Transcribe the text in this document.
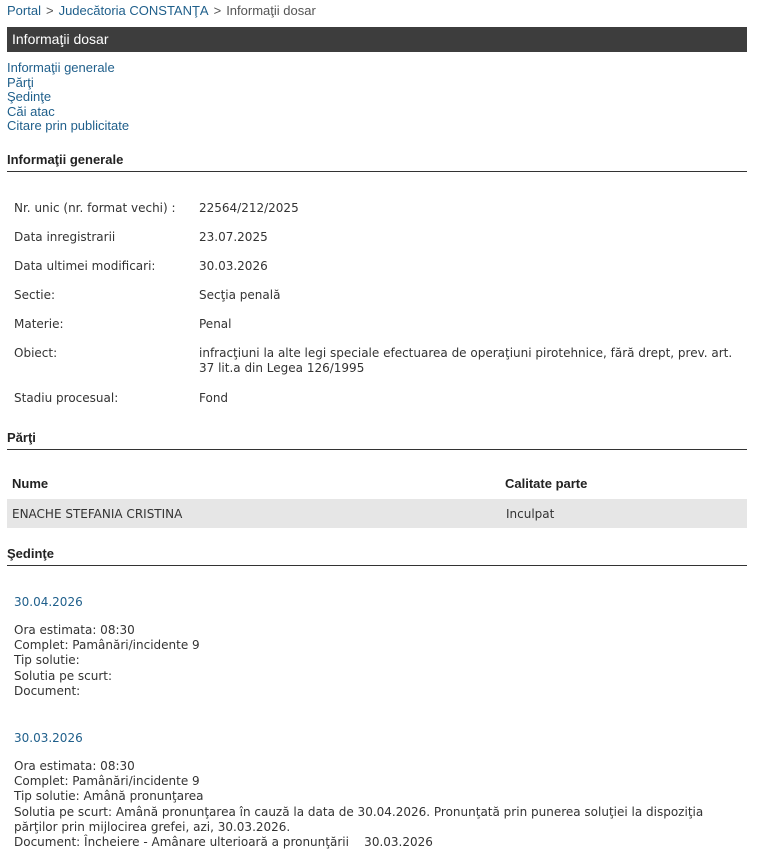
Portal > Judecătoria CONSTANŢA > Informaţii dosar
Informaţii dosar
Informaţii generale
Părţi
Şedinţe
Căi atac
Citare prin publicitate
Informaţii generale
Nr. unic (nr. format vechi) : 22564/212/2025
Data inregistrarii	23.07.2025
Data ultimei modificari:	30.03.2026
Sectie:	Secţia penală
Materie:	Penal
Obiect:	infracţiuni la alte legi speciale efectuarea de operaţiuni pirotehnice, fără drept, prev. art. 37 lit.a din Legea 126/1995
Stadiu procesual:	Fond
Părţi
Nume	Calitate parte
ENACHE STEFANIA CRISTINA	Inculpat
Şedinţe
30.04.2026
Ora estimata: 08:30
Complet: Pamânări/incidente 9
Tip solutie:
Solutia pe scurt:
Document:
30.03.2026
Ora estimata: 08:30
Complet: Pamânări/incidente 9
Tip solutie: Amână pronunţarea
Solutia pe scurt: Amână pronunţarea în cauză la data de 30.04.2026. Pronunţată prin punerea soluţiei la dispoziţia părţilor prin mijlocirea grefei, azi, 30.03.2026.
Document: Încheiere - Amânare ulterioară a pronunţării    30.03.2026
